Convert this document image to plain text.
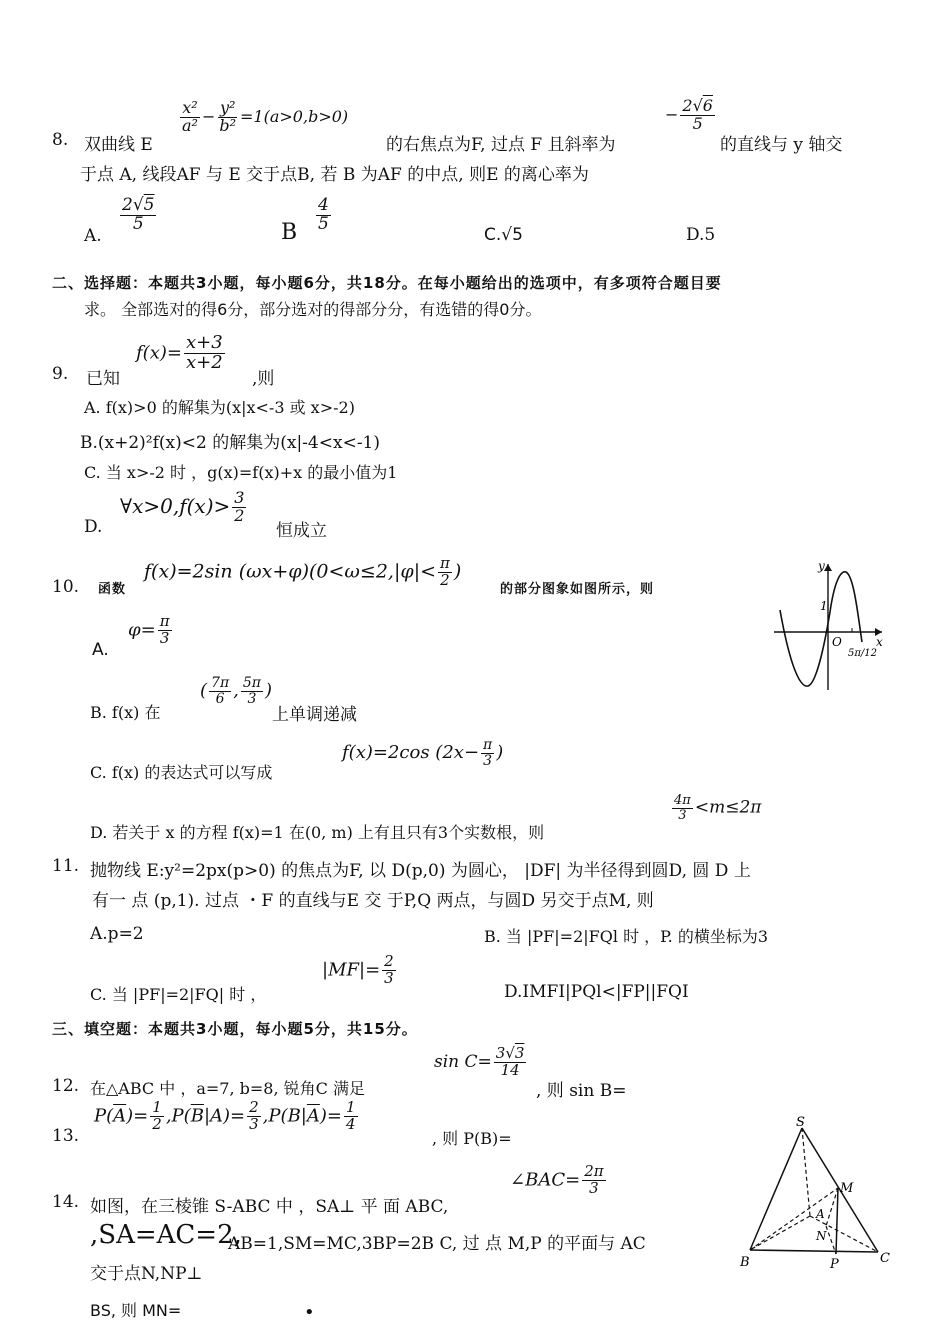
8. 双曲线 E
$\frac{\text{x²}}{\text{a²}} - \frac{\text{y²}}{\text{b²}} =1(a>0,b>0)$
的右焦点为F, 过点 F 且斜率为
− $\frac{2√6}{5}$
的直线与 y 轴交
于点 A, 线段AF 与 E 交于点B, 若 B 为AF 的中点, 则E 的离心率为
A.
$\frac{2√5}{5}$	B $\frac{4}{5}$
C.√5	D.5
二、选择题：本题共3小题，每小题6分，共18分。在每小题给出的选项中，有多项符合题目要
求。 全部选对的得6分，部分选对的得部分分，有选错的得0分。
9. 已知
$f(x)= \frac{x+3}{x+2}$
,则
A. f(x)>0 的解集为(x|x<-3 或 x>-2)
B.(x+2)²f(x)<2 的解集为(x|-4<x<-1)
C. 当 x>-2 时 ，g(x)=f(x)+x 的最小值为1
D.
∀x>0,f(x)> $\frac{3}{2}$
恒成立
10. 函数
f(x)=2sin $(\omega x+\varphi)(0<\omega\le 2,|\varphi|< \frac{\pi}{2}$ )
的部分图象如图所示，则
y
x
O
1
5π/12
A.
$\varphi= \frac{\pi}{3}$
B. f(x) 在
( $\frac{7\pi}{6}$ , $\frac{5\pi}{3}$ )
上单调递减
C. f(x) 的表达式可以写成
f(x)=2cos ($2x- \frac{\pi}{3}$ )
D. 若关于 x 的方程 f(x)=1 在(0, m) 上有且只有3个实数根，则
$\frac{4\pi}{3} <m\le 2\pi$
11. 抛物线 E:y²=2px(p>0) 的焦点为F, 以 D(p,0) 为圆心， |DF| 为半径得到圆D, 圆 D 上
有一 点 (p,1). 过点 ・F 的直线与E 交 于P,Q 两点，与圆D 另交于点M, 则
A.p=2	B. 当 |PF|=2|FQl 时 ，P. 的横坐标为3
C. 当 |PF|=2|FQ| 时 ，
$|MF|= \frac{2}{3}$
D.IMFI|PQl<|FP||FQI
三、填空题：本题共3小题，每小题5分，共15分。
12. 在△ABC 中 ，a=7, b=8, 锐角C 满足
$\sin C= \frac{3√3}{14}$
, 则 sin B=
13.
$P(\overline{A})= \frac{1}{2} ,P(\overline{B}|A)= \frac{2}{3} ,P(B|\overline{A})= \frac{1}{4}$
, 则 P(B)=
14. 如图，在三棱锥 S-ABC 中 ，SA⊥ 平 面 ABC,
∠BAC= $\frac{2\pi}{3}$
,SA=AC=2,
AB=1,SM=MC,3BP=2B C, 过 点 M,P 的平面与 AC
交于点N,NP⊥
BS, 则 MN=	•
S
A
B	C
M
N
P
